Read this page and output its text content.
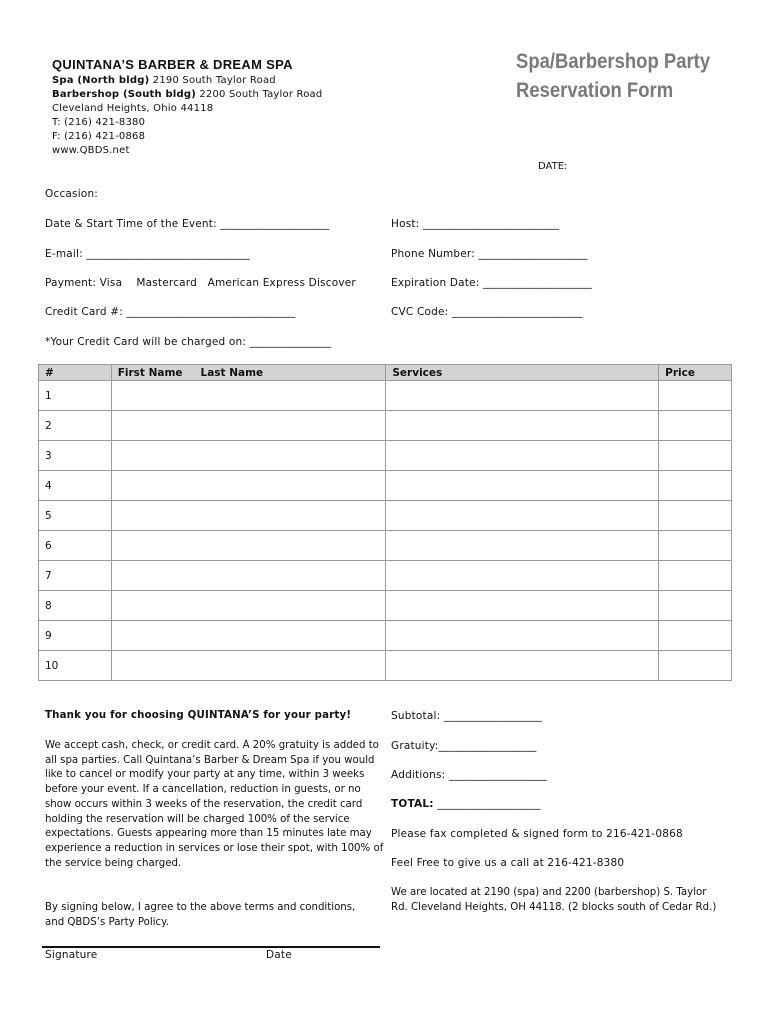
QUINTANA’S BARBER & DREAM SPA
Spa (North bldg) 2190 South Taylor Road
Barbershop (South bldg) 2200 South Taylor Road
Cleveland Heights, Ohio 44118
T: (216) 421-8380
F: (216) 421-0868
www.QBDS.net
Spa/Barbershop Party
Reservation Form
DATE:
Occasion:
Date & Start Time of the Event: ____________________	Host: _________________________
E-mail: ______________________________	Phone Number: ____________________
Payment: Visa    Mastercard   American Express Discover	Expiration Date: ____________________
Credit Card #: _______________________________	CVC Code: ________________________
*Your Credit Card will be charged on: _______________
#	First Name Last Name	Services	Price
1			
2			
3			
4			
5			
6			
7			
8			
9			
10			
Thank you for choosing QUINTANA’S for your party!
We accept cash, check, or credit card. A 20% gratuity is added to all spa parties. Call Quintana’s Barber & Dream Spa if you would like to cancel or modify your party at any time, within 3 weeks before your event. If a cancellation, reduction in guests, or no show occurs within 3 weeks of the reservation, the credit card holding the reservation will be charged 100% of the service expectations. Guests appearing more than 15 minutes late may experience a reduction in services or lose their spot, with 100% of the service being charged.
By signing below, I agree to the above terms and conditions, and QBDS’s Party Policy.
Signature	Date
Subtotal: __________________
Gratuity:__________________
Additions: __________________
TOTAL: ___________________
Please fax completed & signed form to 216-421-0868
Feel Free to give us a call at 216-421-8380
We are located at 2190 (spa) and 2200 (barbershop) S. Taylor Rd. Cleveland Heights, OH 44118. (2 blocks south of Cedar Rd.)
